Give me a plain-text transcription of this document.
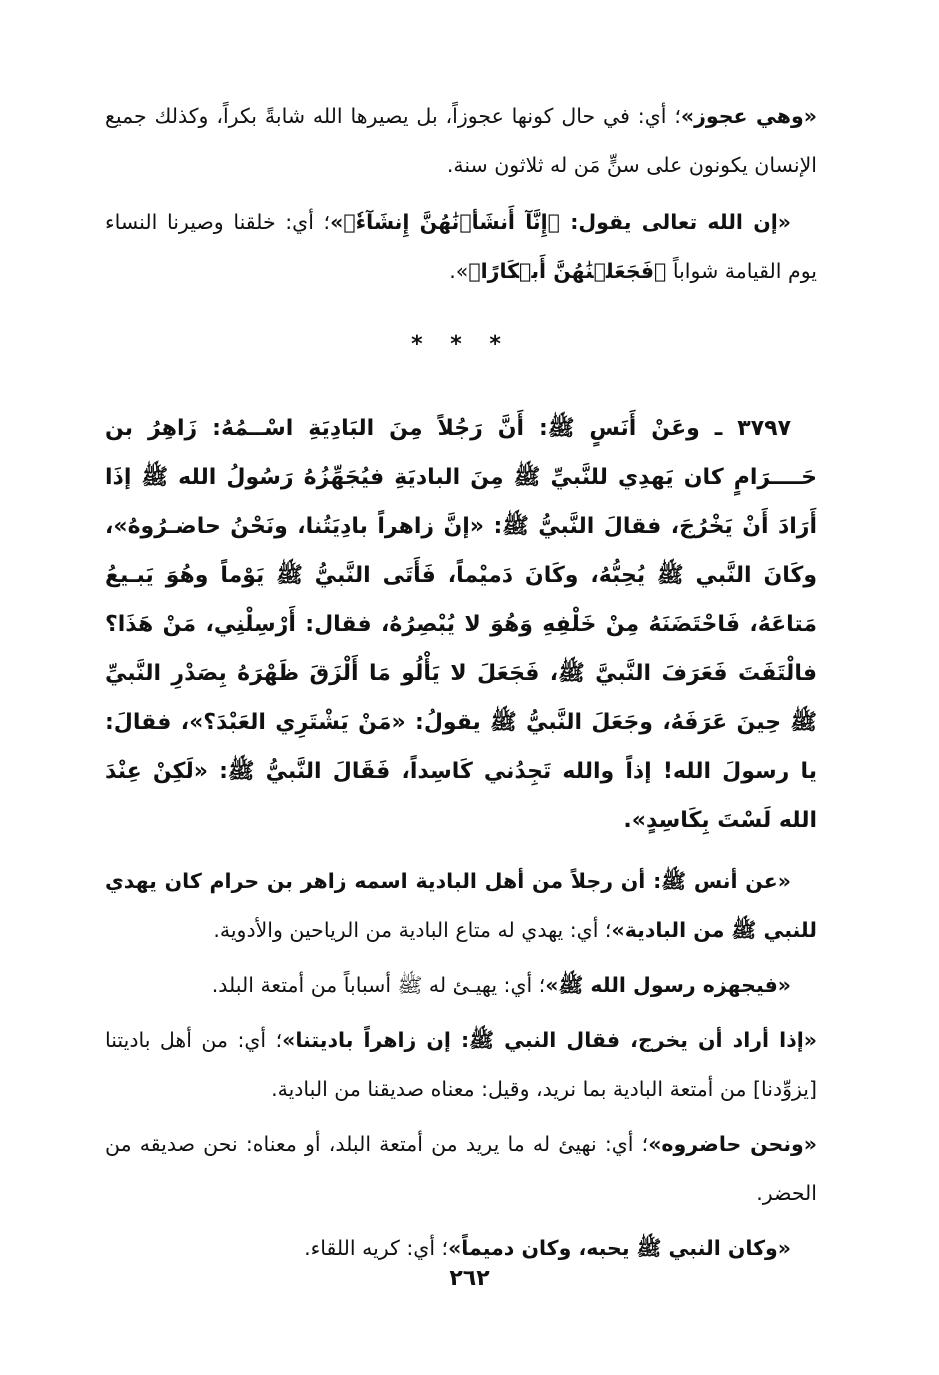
«وهي عجوز»؛ أي: في حال كونها عجوزاً، بل يصيرها الله شابةً بكراً، وكذلك جميع الإنسان يكونون على سنٍّ مَن له ثلاثون سنة.

«إن الله تعالى يقول: ﴿إِنَّآ أَنشَأۡنَٰهُنَّ إِنشَآءٗ﴾»؛ أي: خلقنا وصيرنا النساء يوم القيامة شواباً ﴿فَجَعَلۡنَٰهُنَّ أَبۡكَارًا﴾».

* * *

٣٧٩٧ ـ وعَنْ أَنَسٍ ﷺ: أَنَّ رَجُلاً مِنَ البَادِيَةِ اسْــمُهُ: زَاهِرُ بن حَــــرَامٍ كان يَهدِي للنَّبيِّ ﷺ مِنَ الباديَةِ فيُجَهِّزُهُ رَسُولُ الله ﷺ إذَا أَرَادَ أَنْ يَخْرُجَ، فقالَ النَّبيُّ ﷺ: «إنَّ زاهراً بادِيَتُنا، ونَحْنُ حاضـرُوهُ»، وكَانَ النَّبي ﷺ يُحِبُّهُ، وكَانَ دَميْماً، فَأَتَى النَّبيُّ ﷺ يَوْماً وهُوَ يَبـيعُ مَتاعَهُ، فَاحْتَضَنَهُ مِنْ خَلْفِهِ وَهُوَ لا يُبْصِرُهُ، فقال: أَرْسِلْنِي، مَنْ هَذَا؟ فالْتَفَتَ فَعَرَفَ النَّبيَّ ﷺ، فَجَعَلَ لا يَأْلُو مَا أَلْزَقَ ظَهْرَهُ بِصَدْرِ النَّبيِّ ﷺ حِينَ عَرَفَهُ، وجَعَلَ النَّبيُّ ﷺ يقولُ: «مَنْ يَشْتَرِي العَبْدَ؟»، فقالَ: يا رسولَ الله! إذاً والله تَجِدُني كَاسِداً، فَقَالَ النَّبيُّ ﷺ: «لَكِنْ عِنْدَ الله لَسْتَ بِكَاسِدٍ».

«عن أنس ﷺ: أن رجلاً من أهل البادية اسمه زاهر بن حرام كان يهدي للنبي ﷺ من البادية»؛ أي: يهدي له متاع البادية من الرياحين والأدوية.

«فيجهزه رسول الله ﷺ»؛ أي: يهيـئ له ﷺ أسباباً من أمتعة البلد.

«إذا أراد أن يخرج، فقال النبي ﷺ: إن زاهراً باديتنا»؛ أي: من أهل باديتنا [يزوِّدنا] من أمتعة البادية بما نريد، وقيل: معناه صديقنا من البادية.

«ونحن حاضروه»؛ أي: نهيئ له ما يريد من أمتعة البلد، أو معناه: نحن صديقه من الحضر.

«وكان النبي ﷺ يحبه، وكان دميماً»؛ أي: كريه اللقاء.

٢٦٢
